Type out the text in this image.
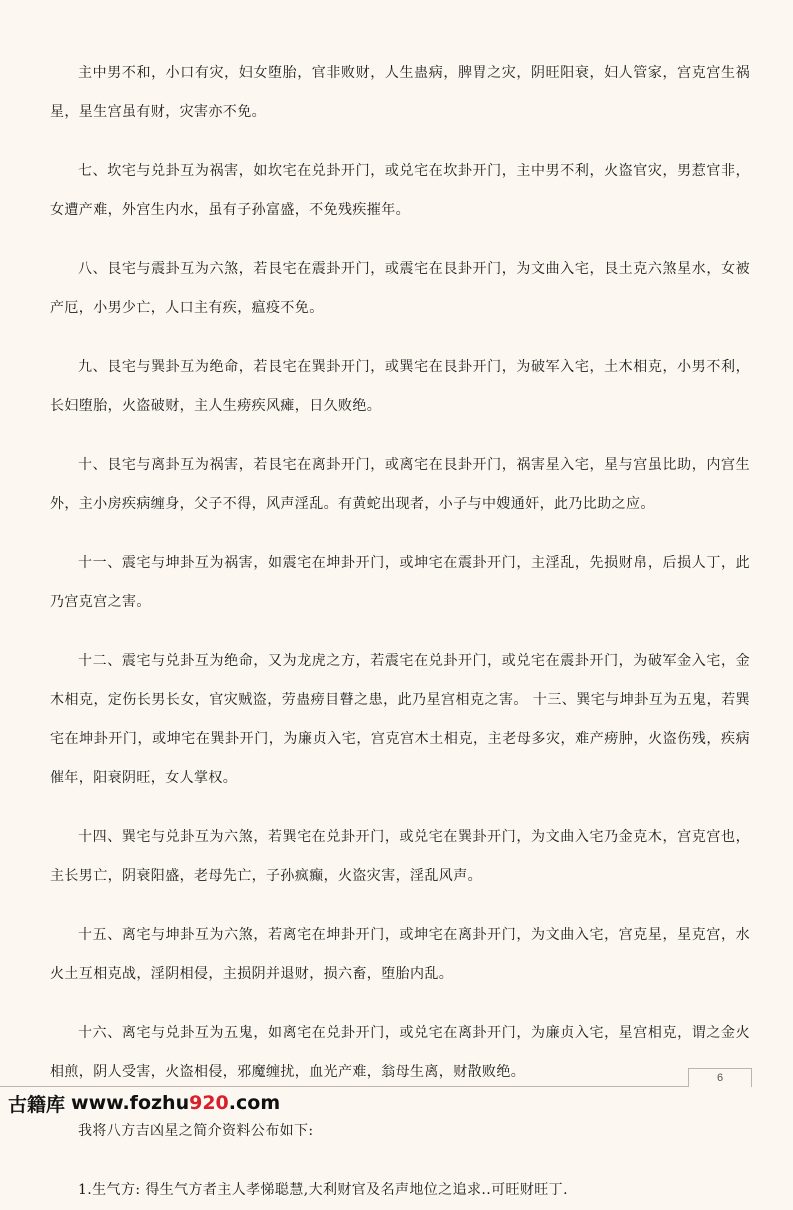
主中男不和，小口有灾，妇女堕胎，官非败财，人生蛊病，脾胃之灾，阴旺阳衰，妇人管家，宫克宫生祸星，星生宫虽有财，灾害亦不免。

七、坎宅与兑卦互为祸害，如坎宅在兑卦开门，或兑宅在坎卦开门，主中男不利，火盗官灾，男惹官非，女遭产难，外宫生内水，虽有子孙富盛，不免残疾摧年。

八、艮宅与震卦互为六煞，若艮宅在震卦开门，或震宅在艮卦开门，为文曲入宅，艮土克六煞星水，女被产厄，小男少亡，人口主有疾，瘟疫不免。

九、艮宅与巽卦互为绝命，若艮宅在巽卦开门，或巽宅在艮卦开门，为破军入宅，土木相克，小男不利，长妇堕胎，火盗破财，主人生痨疾风瘫，日久败绝。

十、艮宅与离卦互为祸害，若艮宅在离卦开门，或离宅在艮卦开门，祸害星入宅，星与宫虽比助，内宫生外，主小房疾病缠身，父子不得，风声淫乱。有黄蛇出现者，小子与中嫂通奸，此乃比助之应。

十一、震宅与坤卦互为祸害，如震宅在坤卦开门，或坤宅在震卦开门，主淫乱，先损财帛，后损人丁，此乃宫克宫之害。

十二、震宅与兑卦互为绝命，又为龙虎之方，若震宅在兑卦开门，或兑宅在震卦开门，为破军金入宅，金木相克，定伤长男长女，官灾贼盗，劳蛊痨目瞽之患，此乃星宫相克之害。 十三、巽宅与坤卦互为五鬼，若巽宅在坤卦开门，或坤宅在巽卦开门，为廉贞入宅，宫克宫木土相克，主老母多灾，难产痨肿，火盗伤残，疾病催年，阳衰阴旺，女人掌权。

十四、巽宅与兑卦互为六煞，若巽宅在兑卦开门，或兑宅在巽卦开门，为文曲入宅乃金克木，宫克宫也，主长男亡，阴衰阳盛，老母先亡，子孙疯癫，火盗灾害，淫乱风声。

十五、离宅与坤卦互为六煞，若离宅在坤卦开门，或坤宅在离卦开门，为文曲入宅，宫克星，星克宫，水火土互相克战，淫阴相侵，主损阴并退财，损六畜，堕胎内乱。

十六、离宅与兑卦互为五鬼，如离宅在兑卦开门，或兑宅在离卦开门，为廉贞入宅，星宫相克，谓之金火相煎，阴人受害，火盗相侵，邪魔缠扰，血光产难，翁母生离，财散败绝。

我将八方吉凶星之简介资料公布如下:

1.生气方: 得生气方者主人孝悌聪慧,大利财官及名声地位之追求..可旺财旺丁.

6
古籍库 www.fozhu920.com
